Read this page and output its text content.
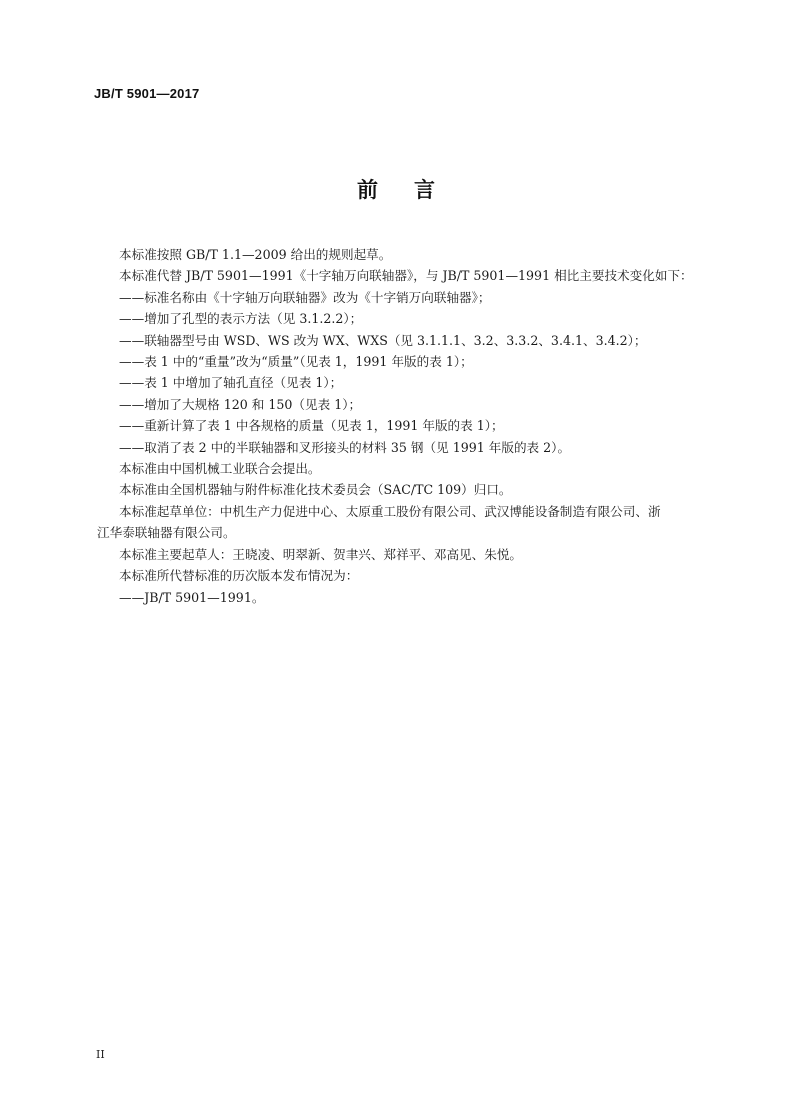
JB/T 5901—2017
前言
本标准按照 GB/T 1.1—2009 给出的规则起草。
本标准代替 JB/T 5901—1991《十字轴万向联轴器》，与 JB/T 5901—1991 相比主要技术变化如下：
——标准名称由《十字轴万向联轴器》改为《十字销万向联轴器》；
——增加了孔型的表示方法（见 3.1.2.2）；
——联轴器型号由 WSD、WS 改为 WX、WXS（见 3.1.1.1、3.2、3.3.2、3.4.1、3.4.2）；
——表 1 中的“重量”改为“质量”（见表 1，1991 年版的表 1）；
——表 1 中增加了轴孔直径（见表 1）；
——增加了大规格 120 和 150（见表 1）；
——重新计算了表 1 中各规格的质量（见表 1，1991 年版的表 1）；
——取消了表 2 中的半联轴器和叉形接头的材料 35 钢（见 1991 年版的表 2）。
本标准由中国机械工业联合会提出。
本标准由全国机器轴与附件标准化技术委员会（SAC/TC 109）归口。
本标准起草单位：中机生产力促进中心、太原重工股份有限公司、武汉博能设备制造有限公司、浙
江华泰联轴器有限公司。
本标准主要起草人：王晓凌、明翠新、贺聿兴、郑祥平、邓高见、朱悦。
本标准所代替标准的历次版本发布情况为：
——JB/T 5901—1991。
II
